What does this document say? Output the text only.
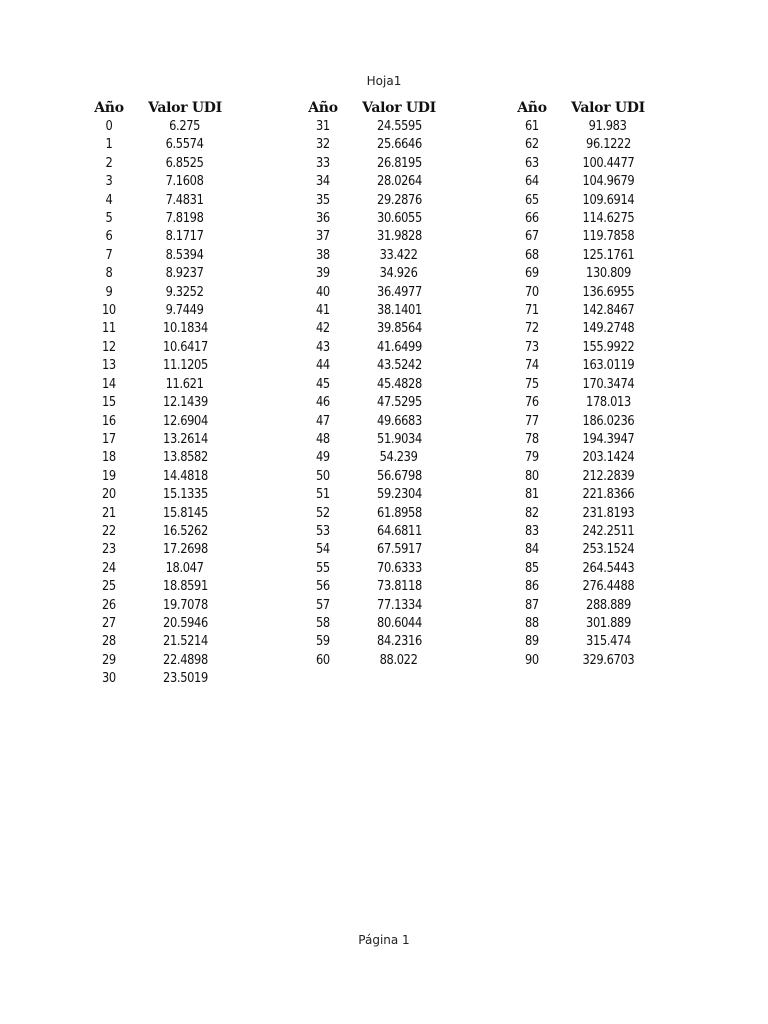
Hoja1
Año	Valor UDI
0	6.275
1	6.5574
2	6.8525
3	7.1608
4	7.4831
5	7.8198
6	8.1717
7	8.5394
8	8.9237
9	9.3252
10	9.7449
11	10.1834
12	10.6417
13	11.1205
14	11.621
15	12.1439
16	12.6904
17	13.2614
18	13.8582
19	14.4818
20	15.1335
21	15.8145
22	16.5262
23	17.2698
24	18.047
25	18.8591
26	19.7078
27	20.5946
28	21.5214
29	22.4898
30	23.5019
Año	Valor UDI
31	24.5595
32	25.6646
33	26.8195
34	28.0264
35	29.2876
36	30.6055
37	31.9828
38	33.422
39	34.926
40	36.4977
41	38.1401
42	39.8564
43	41.6499
44	43.5242
45	45.4828
46	47.5295
47	49.6683
48	51.9034
49	54.239
50	56.6798
51	59.2304
52	61.8958
53	64.6811
54	67.5917
55	70.6333
56	73.8118
57	77.1334
58	80.6044
59	84.2316
60	88.022
Año	Valor UDI
61	91.983
62	96.1222
63	100.4477
64	104.9679
65	109.6914
66	114.6275
67	119.7858
68	125.1761
69	130.809
70	136.6955
71	142.8467
72	149.2748
73	155.9922
74	163.0119
75	170.3474
76	178.013
77	186.0236
78	194.3947
79	203.1424
80	212.2839
81	221.8366
82	231.8193
83	242.2511
84	253.1524
85	264.5443
86	276.4488
87	288.889
88	301.889
89	315.474
90	329.6703
Página 1
